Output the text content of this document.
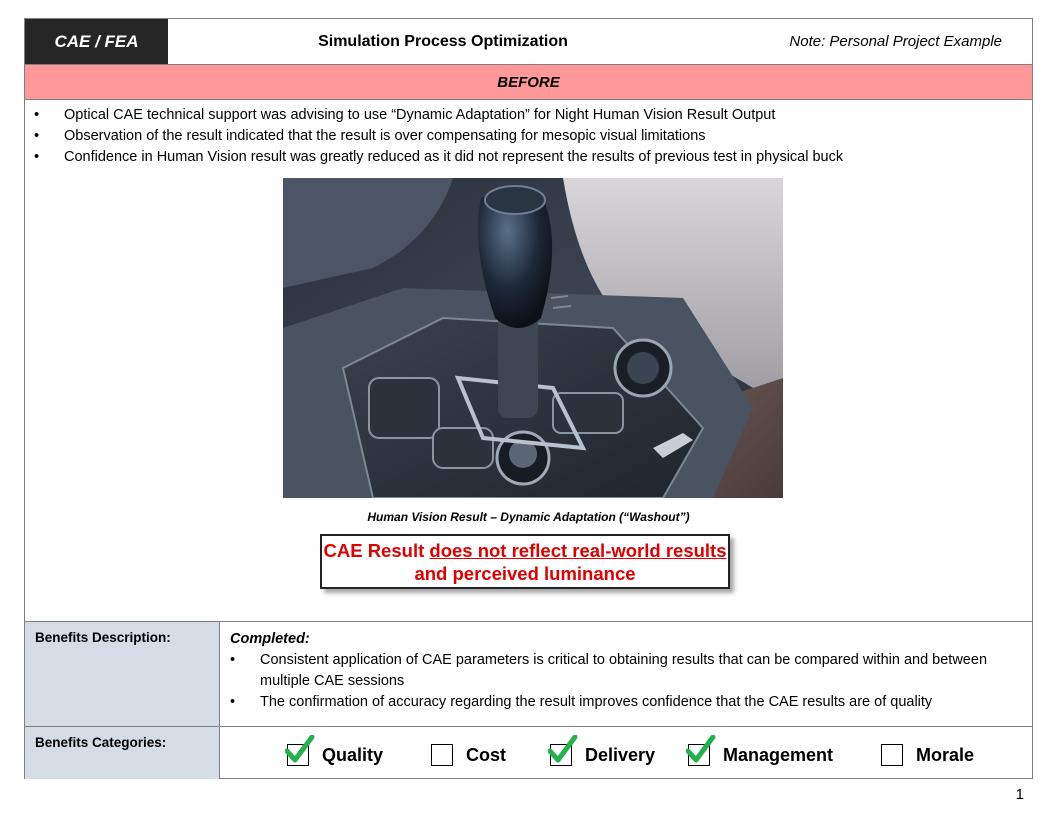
CAE / FEA	Simulation Process Optimization	Note: Personal Project Example
BEFORE
• Optical CAE technical support was advising to use “Dynamic Adaptation” for Night Human Vision Result Output
• Observation of the result indicated that the result is over compensating for mesopic visual limitations
• Confidence in Human Vision result was greatly reduced as it did not represent the results of previous test in physical buck
Human Vision Result – Dynamic Adaptation (“Washout”)
CAE Result does not reflect real-world results and perceived luminance
Benefits Description:	Completed:
• Consistent application of CAE parameters is critical to obtaining results that can be compared within and between multiple CAE sessions
• The confirmation of accuracy regarding the result improves confidence that the CAE results are of quality
Benefits Categories:
Quality	Cost	Delivery	Management	Morale
1
